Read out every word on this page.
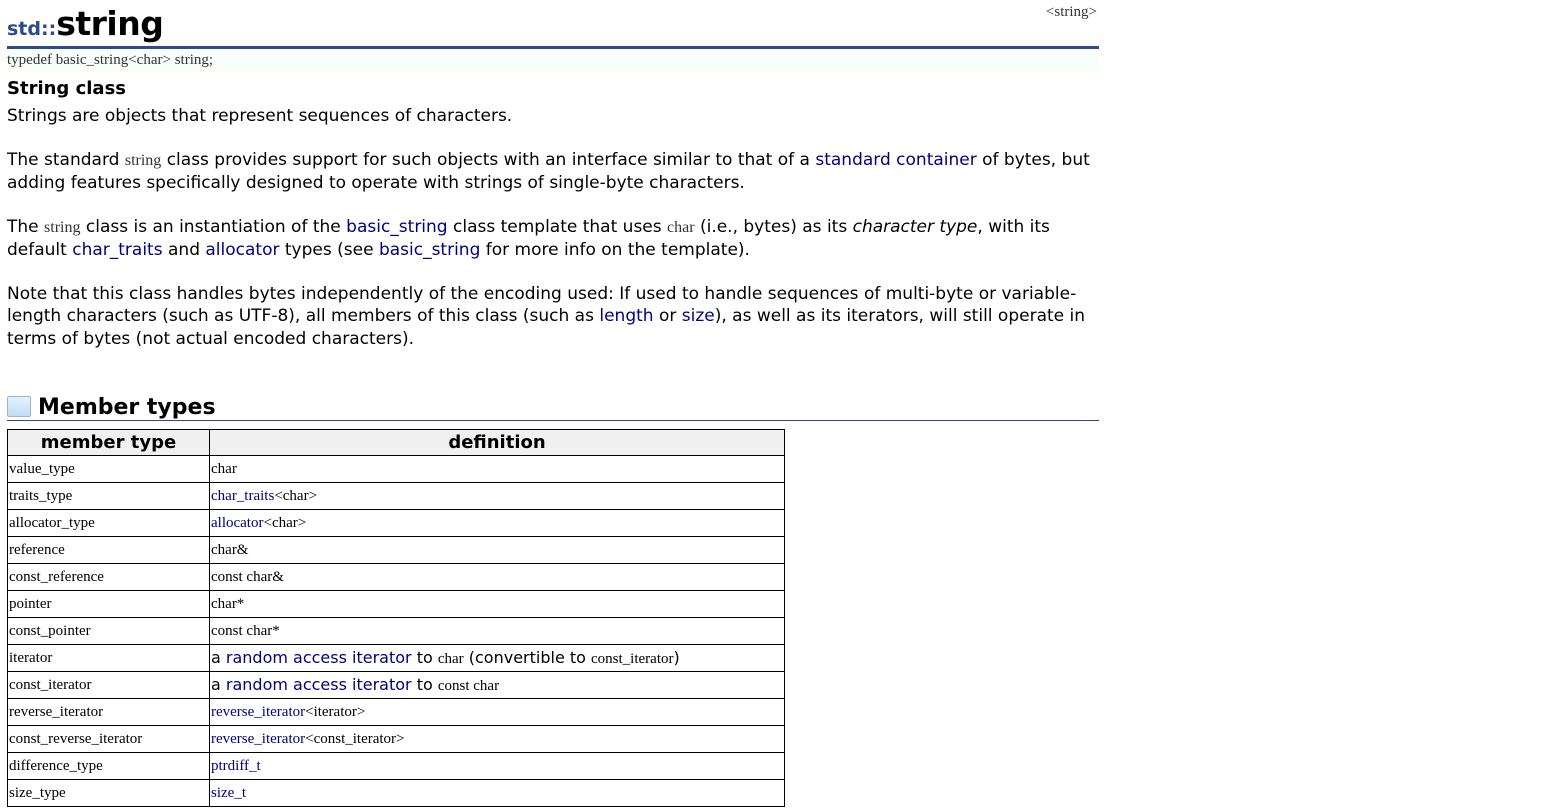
std::string	<string>
typedef basic_string<char> string;
String class
Strings are objects that represent sequences of characters.
The standard string class provides support for such objects with an interface similar to that of a standard container of bytes, but adding features specifically designed to operate with strings of single-byte characters.
The string class is an instantiation of the basic_string class template that uses char (i.e., bytes) as its character type, with its default char_traits and allocator types (see basic_string for more info on the template).
Note that this class handles bytes independently of the encoding used: If used to handle sequences of multi-byte or variable-length characters (such as UTF-8), all members of this class (such as length or size), as well as its iterators, will still operate in terms of bytes (not actual encoded characters).
Member types
member type	definition
value_type	char
traits_type	char_traits<char>
allocator_type	allocator<char>
reference	char&
const_reference	const char&
pointer	char*
const_pointer	const char*
iterator	a random access iterator to char (convertible to const_iterator)
const_iterator	a random access iterator to const char
reverse_iterator	reverse_iterator<iterator>
const_reverse_iterator	reverse_iterator<const_iterator>
difference_type	ptrdiff_t
size_type	size_t
